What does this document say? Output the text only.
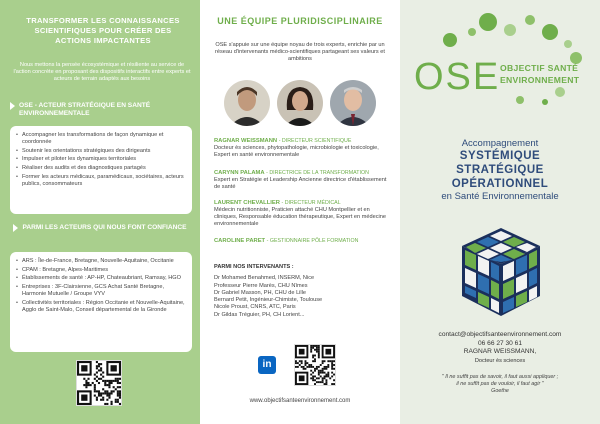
TRANSFORMER LES CONNAISSANCES SCIENTIFIQUES POUR CRÉER DES ACTIONS IMPACTANTES
Nous mettons la pensée écosystémique et résiliente au service de l'action concrète en proposant des dispositifs interactifs entre experts et acteurs de terrain adaptés aux besoins
OSE - ACTEUR STRATÉGIQUE EN SANTÉ ENVIRONNEMENTALE
• Accompagner les transformations de façon dynamique et coordonnée
• Soutenir les orientations stratégiques des dirigeants
• Impulser et piloter les dynamiques territoriales
• Réaliser des audits et des diagnostiques partagés
• Former les acteurs médicaux, paramédicaux, sociétaires, acteurs publics, consommateurs
PARMI LES ACTEURS QUI NOUS FONT CONFIANCE
• ARS : Île-de-France, Bretagne, Nouvelle-Aquitaine, Occitanie
• CPAM : Bretagne, Alpes-Maritimes
• Établissements de santé : AP-HP, Chateaubriant, Ramsay, HGO
• Entreprises : 3F-Clairsienne, GCS Achat Santé Bretagne, Harmonie Mutuelle / Groupe VYV
• Collectivités territoriales : Région Occitanie et Nouvelle-Aquitaine, Agglo de Saint-Malo, Conseil départemental de la Gironde
UNE ÉQUIPE PLURIDISCIPLINAIRE
OSE s'appuie sur une équipe noyau de trois experts, enrichie par un réseau d'intervenants médico-scientifiques partageant ses valeurs et ambitions
RAGNAR WEISSMANN - DIRECTEUR SCIENTIFIQUE
Docteur ès sciences, phytopathologie, microbiologie et toxicologie, Expert en santé environnementale
CARYNN PALAMA - DIRECTRICE DE LA TRANSFORMATION
Expert en Stratégie et Leadership Ancienne directrice d'établissement de santé
LAURENT CHEVALLIER - DIRECTEUR MÉDICAL
Médecin nutritionniste, Praticien attaché CHU Montpellier et en cliniques, Responsable éducation thérapeutique, Expert en médecine environnementale
CAROLINE PARET - GESTIONNAIRE PÔLE FORMATION
PARMI NOS INTERVENANTS :
Dr Mohamed Benahmed, INSERM, Nice
Professeur Pierre Marès, CHU Nîmes
Dr Gabriel Masson, PH, CHU de Lille
Bernard Petit, Ingénieur-Chimiste, Toulouse
Nicole Proust, CNRS, ATC, Paris
Dr Gildas Tréguier, PH, CH Lorient...
in
www.objectifsanteenvironnement.com
OSE OBJECTIF SANTÉ
ENVIRONNEMENT
Accompagnement
SYSTÉMIQUE
STRATÉGIQUE
OPÉRATIONNEL
en Santé Environnementale
contact@objectifsanteenvironnement.com
06 66 27 30 61
RAGNAR WEISSMANN,
Docteur ès sciences
" Il ne suffit pas de savoir, il faut aussi appliquer ;
il ne suffit pas de vouloir, il faut agir "
Goethe
